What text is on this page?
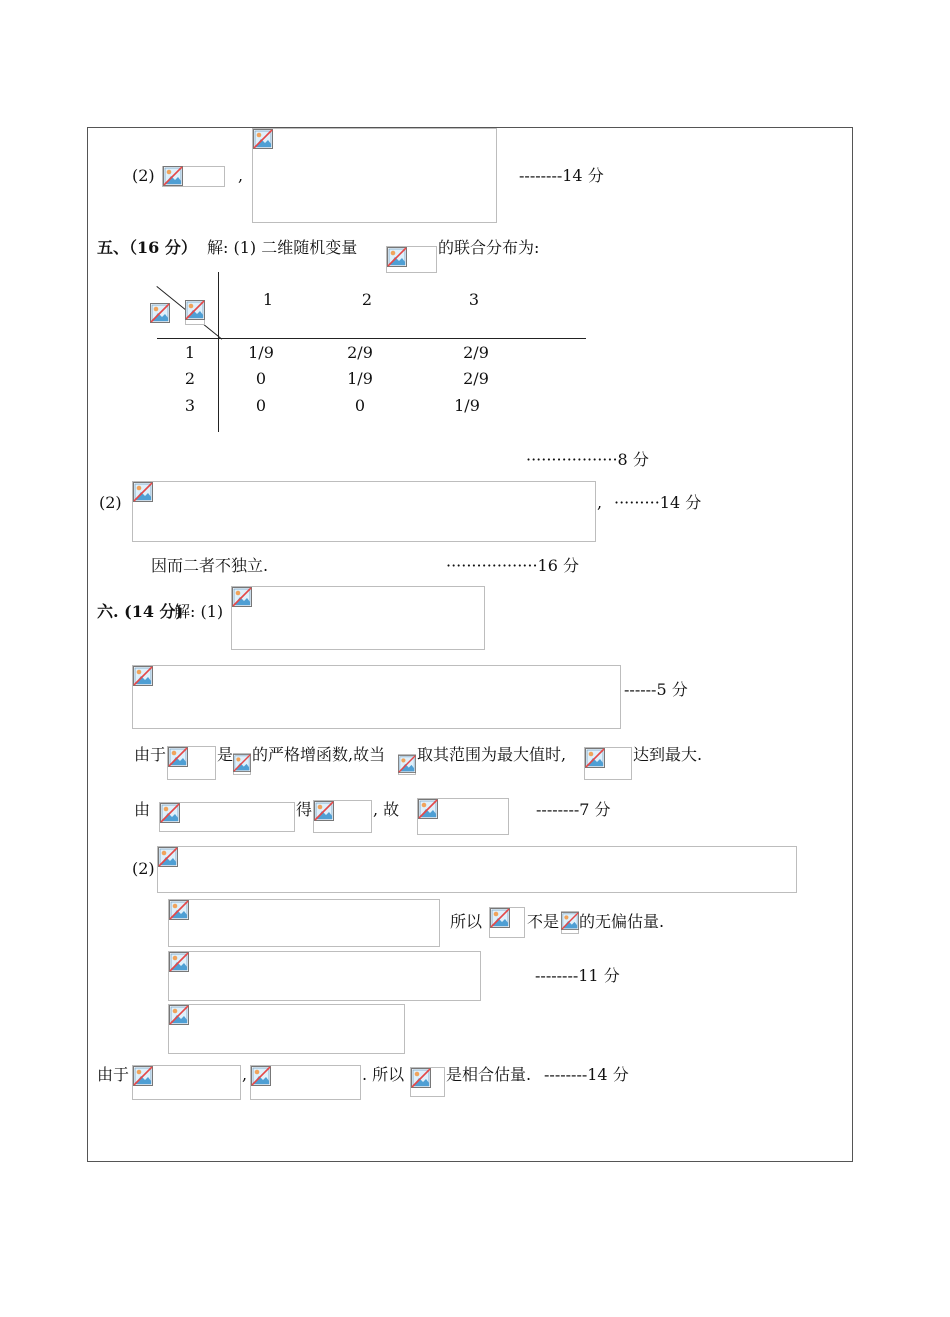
(2)	,	--------14 分
五、（16 分） 解: (1) 二维随机变量	的联合分布为:
1	2	3
1	1/9	2/9	2/9
2	0	1/9	2/9
3	0	0	1/9
··················8 分
(2)	, ·········14 分
因而二者不独立.	··················16 分
六. (14 分)
解: (1)
------5 分
由于	是 的严格增函数,故当 取其范围为最大值时,	达到最大.
由	得	, 故	--------7 分
(2)
所以	不是 的无偏估量.
--------11 分
由于	,	. 所以	是相合估量. --------14 分
